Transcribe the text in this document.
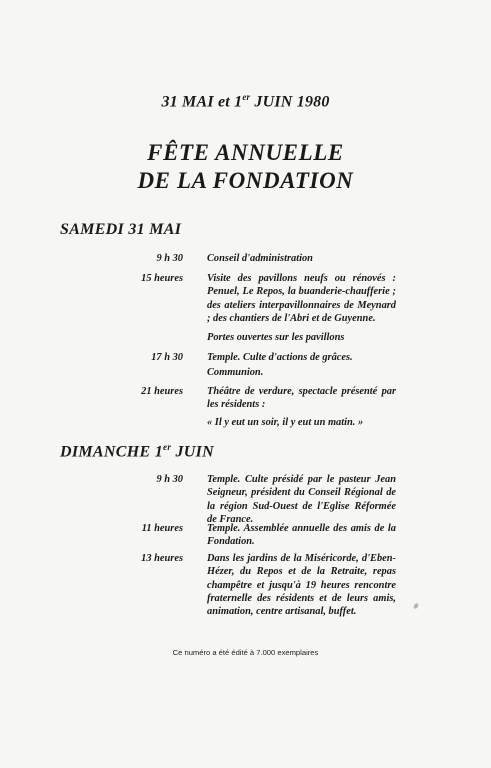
31 MAI et 1er JUIN 1980
FÊTE ANNUELLE
DE LA FONDATION
SAMEDI 31 MAI
9 h 30 Conseil d'administration

15 heures Visite des pavillons neufs ou rénovés : Penuel, Le Repos, la buanderie-chaufferie ; des ateliers interpavillonnaires de Meynard ; des chantiers de l'Abri et de Guyenne.

Portes ouvertes sur les pavillons

17 h 30 Temple. Culte d'actions de grâces.

Communion.

21 heures Théâtre de verdure, spectacle présenté par les résidents :

« Il y eut un soir, il y eut un matin. »

DIMANCHE 1er JUIN
9 h 30 Temple. Culte présidé par le pasteur Jean Seigneur, président du Conseil Régional de la région Sud-Ouest de l'Eglise Réformée de France.

11 heures Temple. Assemblée annuelle des amis de la Fondation.

13 heures Dans les jardins de la Miséricorde, d'Eben-Hézer, du Repos et de la Retraite, repas champêtre et jusqu'à 19 heures rencontre fraternelle des résidents et de leurs amis, animation, centre artisanal, buffet.

Ce numéro a été édité à 7.000 exemplaires
